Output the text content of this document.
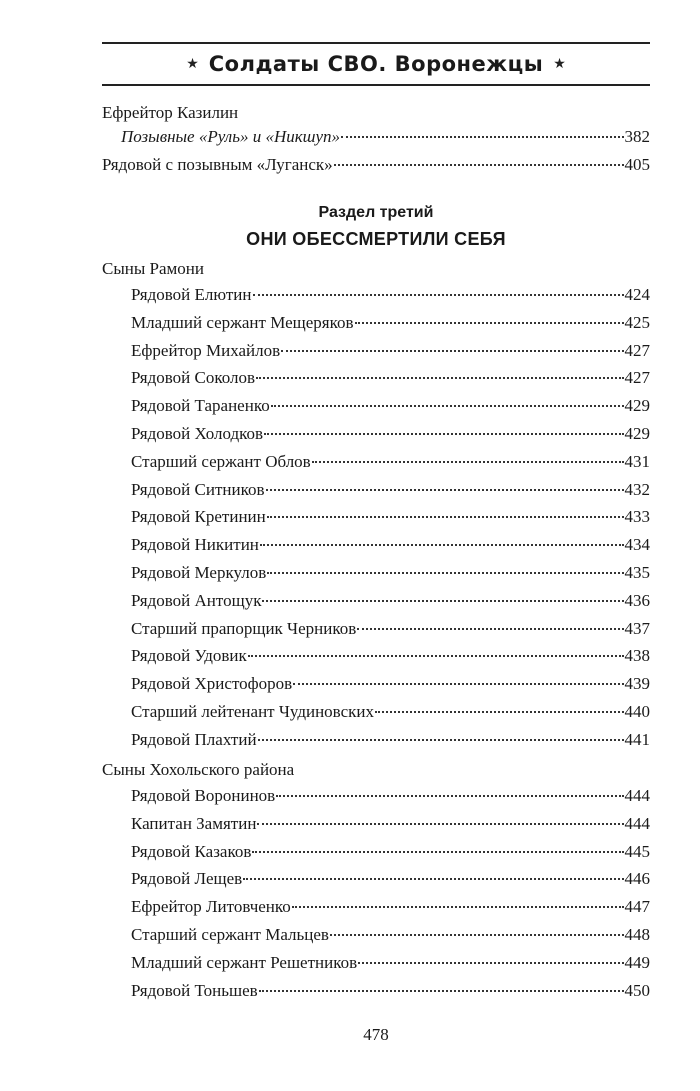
★ Солдаты СВО. Воронежцы ★
Ефрейтор Казилин
Позывные «Руль» и «Никшуп»	382
Рядовой с позывным «Луганск»	405
Раздел третий
ОНИ ОБЕССМЕРТИЛИ СЕБЯ
Сыны Рамони
Рядовой Елютин	424
Младший сержант Мещеряков	425
Ефрейтор Михайлов	427
Рядовой Соколов	427
Рядовой Тараненко	429
Рядовой Холодков	429
Старший сержант Облов	431
Рядовой Ситников	432
Рядовой Кретинин	433
Рядовой Никитин	434
Рядовой Меркулов	435
Рядовой Антощук	436
Старший прапорщик Черников	437
Рядовой Удовик	438
Рядовой Христофоров	439
Старший лейтенант Чудиновских	440
Рядовой Плахтий	441
Сыны Хохольского района
Рядовой Воронинов	444
Капитан Замятин	444
Рядовой Казаков	445
Рядовой Лещев	446
Ефрейтор Литовченко	447
Старший сержант Мальцев	448
Младший сержант Решетников	449
Рядовой Тоньшев	450
478
